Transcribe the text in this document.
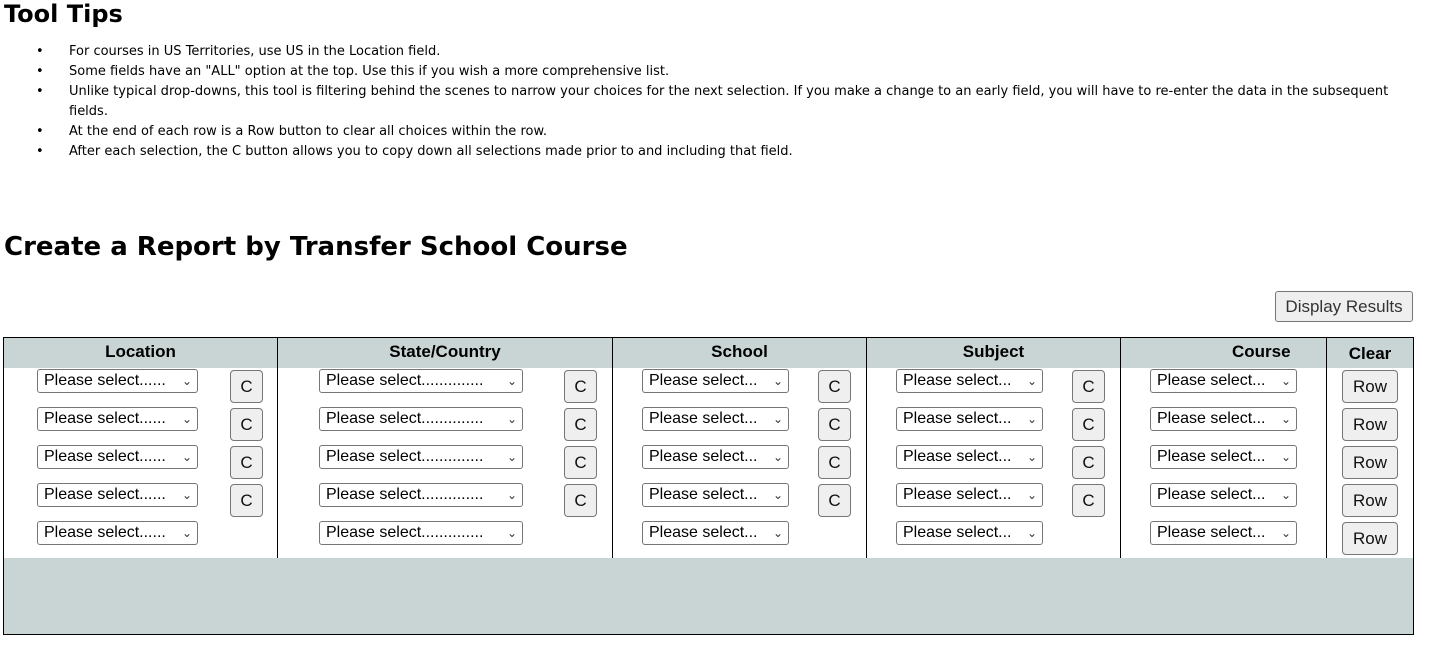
Tool Tips
• For courses in US Territories, use US in the Location field.
• Some fields have an "ALL" option at the top. Use this if you wish a more comprehensive list.
• Unlike typical drop-downs, this tool is filtering behind the scenes to narrow your choices for the next selection. If you make a change to an early field, you will have to re-enter the data in the subsequent fields.
• At the end of each row is a Row button to clear all choices within the row.
• After each selection, the C button allows you to copy down all selections made prior to and including that field.
Create a Report by Transfer School Course
Display Results
Location	State/Country	School	Subject	Course	Clear
Please select...... ⌄	C	Please select.............. ⌄	C	Please select... ⌄	C	Please select... ⌄	C	Please select... ⌄	Row
Please select...... ⌄	C	Please select.............. ⌄	C	Please select... ⌄	C	Please select... ⌄	C	Please select... ⌄	Row
Please select...... ⌄	C	Please select.............. ⌄	C	Please select... ⌄	C	Please select... ⌄	C	Please select... ⌄	Row
Please select...... ⌄	C	Please select.............. ⌄	C	Please select... ⌄	C	Please select... ⌄	C	Please select... ⌄	Row
Please select...... ⌄	Please select.............. ⌄	Please select... ⌄	Please select... ⌄	Please select... ⌄	Row
